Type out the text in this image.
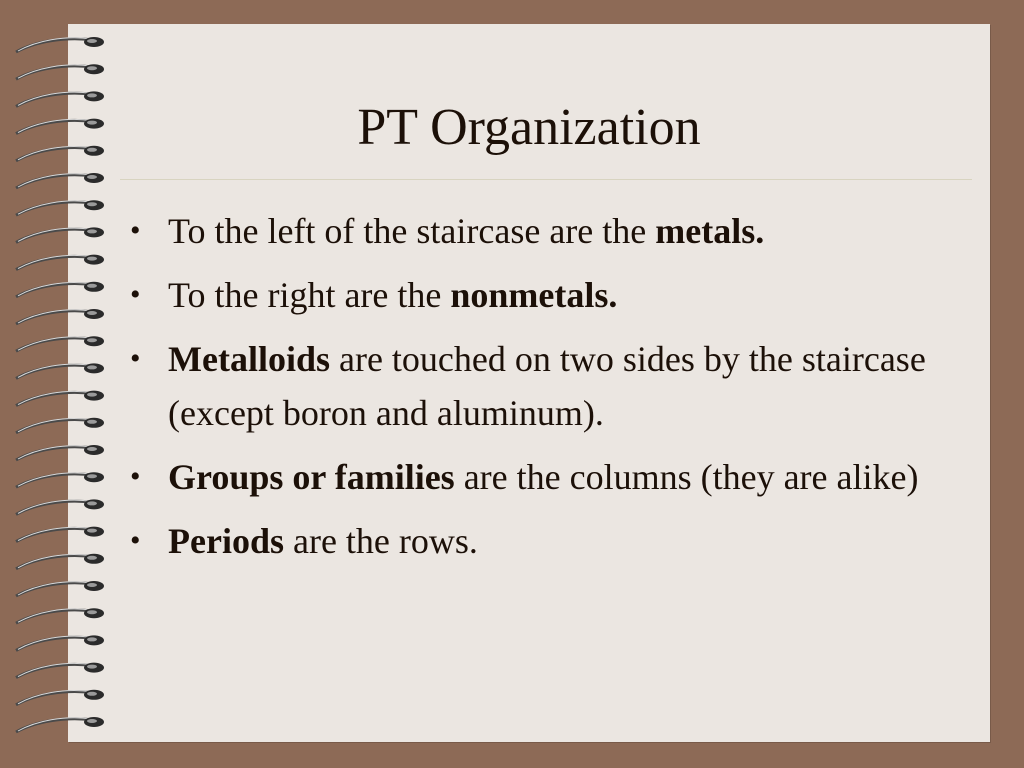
PT Organization
• To the left of the staircase are the metals.
• To the right are the nonmetals.
• Metalloids are touched on two sides by the staircase (except boron and aluminum).
• Groups or families are the columns (they are alike)
• Periods are the rows.
